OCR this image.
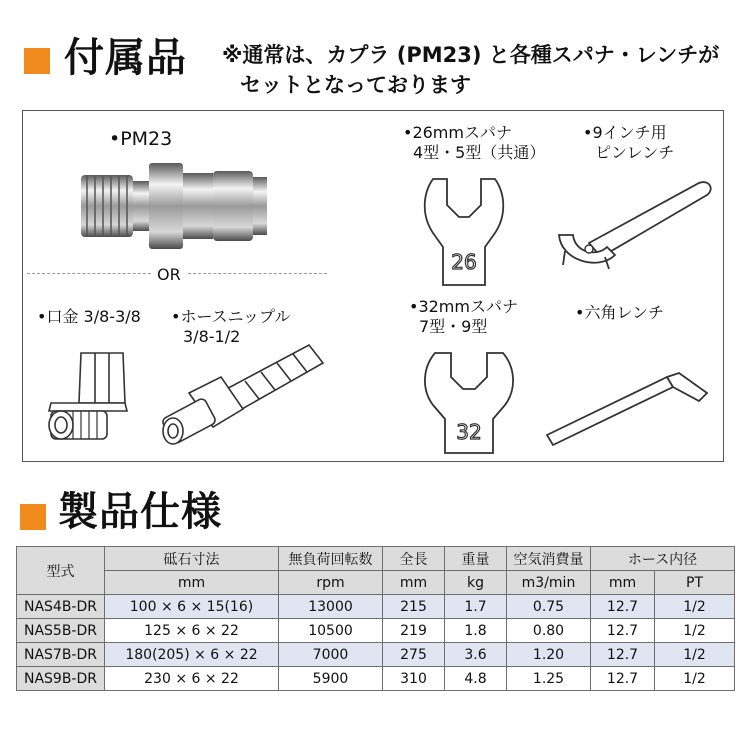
付属品 ※通常は、カプラ (PM23) と各種スパナ・レンチが
セットとなっております
•PM23
OR
•口金 3/8-3/8 •ホースニップル
3/8-1/2
•26mmスパナ
4型・5型（共通）
26
•9インチ用
ピンレンチ
•32mmスパナ
7型・9型
32
•六角レンチ
製品仕様
型式	砥石寸法	無負荷回転数	全長	重量	空気消費量	ホース内径	
	mm	rpm	mm	kg	m3/min	mm	PT
NAS4B-DR	100 × 6 × 15(16)	13000	215	1.7	0.75	12.7	1/2
NAS5B-DR	125 × 6 × 22	10500	219	1.8	0.80	12.7	1/2
NAS7B-DR	180(205) × 6 × 22	7000	275	3.6	1.20	12.7	1/2
NAS9B-DR	230 × 6 × 22	5900	310	4.8	1.25	12.7	1/2
